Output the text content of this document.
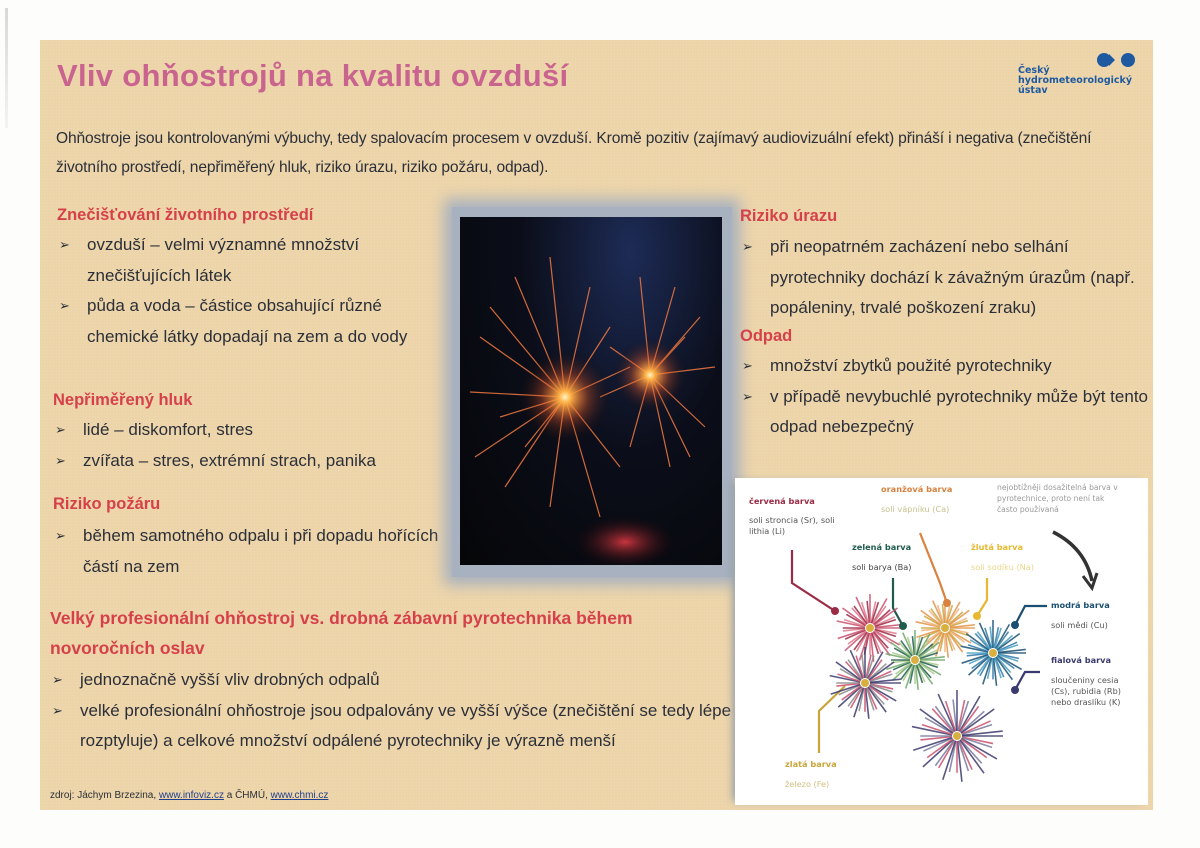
Vliv ohňostrojů na kvalitu ovzduší	Český
hydrometeorologický
ústav

Ohňostroje jsou kontrolovanými výbuchy, tedy spalovacím procesem v ovzduší. Kromě pozitiv (zajímavý audiovizuální efekt) přináší i negativa (znečištění životního prostředí, nepřiměřený hluk, riziko úrazu, riziko požáru, odpad).

Znečišťování životního prostředí
➢ ovzduší – velmi významné množství znečišťujících látek
➢ půda a voda – částice obsahující různé chemické látky dopadají na zem a do vody
Nepřiměřený hluk
➢ lidé – diskomfort, stres
➢ zvířata – stres, extrémní strach, panika
Riziko požáru
➢ během samotného odpalu i při dopadu hořících částí na zem
Riziko úrazu
➢ při neopatrném zacházení nebo selhání pyrotechniky dochází k závažným úrazům (např. popáleniny, trvalé poškození zraku)
Odpad
➢ množství zbytků použité pyrotechniky
➢ v případě nevybuchlé pyrotechniky může být tento odpad nebezpečný
Velký profesionální ohňostroj vs. drobná zábavní pyrotechnika během novoročních oslav
➢ jednoznačně vyšší vliv drobných odpalů
➢ velké profesionální ohňostroje jsou odpalovány ve vyšší výšce (znečištění se tedy lépe rozptyluje) a celkové množství odpálené pyrotechniky je výrazně menší
zdroj: Jáchym Brzezina, www.infoviz.cz a ČHMÚ, www.chmi.cz
červená barva
soli stroncia (Sr), soli lithia (Li)
oranžová barva
soli vápníku (Ca)
zelená barva
soli barya (Ba)
žlutá barva
soli sodíku (Na)
nejobtížněji dosažitelná barva v pyrotechnice, proto není tak často používaná
modrá barva
soli mědi (Cu)
fialová barva
sloučeniny cesia (Cs), rubidia (Rb) nebo draslíku (K)
zlatá barva
železo (Fe)
